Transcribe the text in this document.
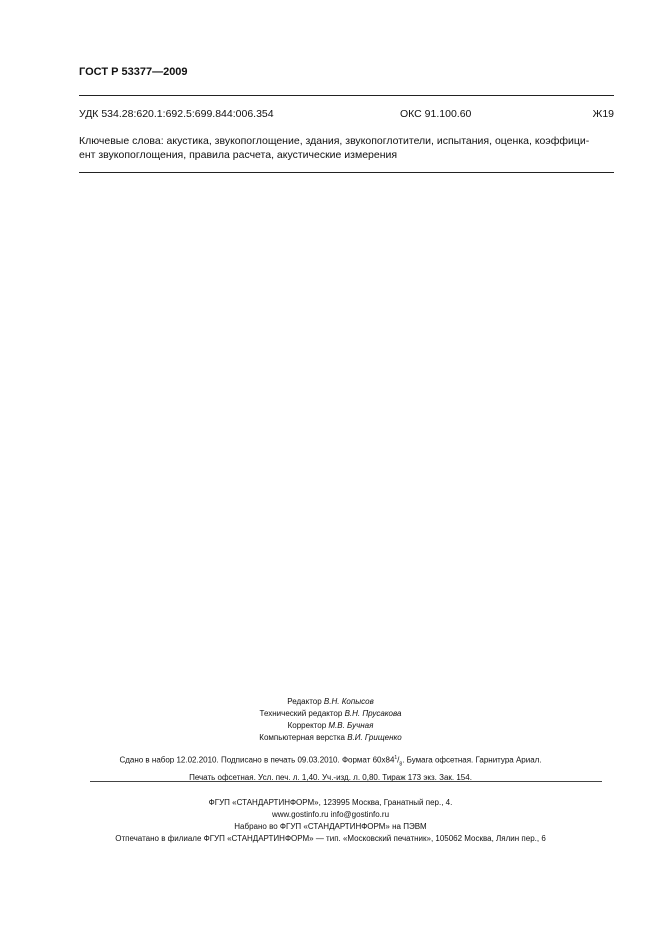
ГОСТ Р 53377—2009
УДК 534.28:620.1:692.5:699.844:006.354	ОКС 91.100.60	Ж19
Ключевые слова: акустика, звукопоглощение, здания, звукопоглотители, испытания, оценка, коэффици-
ент звукопоглощения, правила расчета, акустические измерения
Редактор В.Н. Копысов
Технический редактор В.Н. Прусакова
Корректор М.В. Бучная
Компьютерная верстка В.И. Грищенко
Сдано в набор 12.02.2010. Подписано в печать 09.03.2010. Формат $60x84^1/_8$. Бумага офсетная. Гарнитура Ариал.
Печать офсетная. Усл. печ. л. 1,40. Уч.-изд. л. 0,80. Тираж 173 экз. Зак. 154.
ФГУП «СТАНДАРТИНФОРМ», 123995 Москва, Гранатный пер., 4.
www.gostinfo.ru info@gostinfo.ru
Набрано во ФГУП «СТАНДАРТИНФОРМ» на ПЭВМ
Отпечатано в филиале ФГУП «СТАНДАРТИНФОРМ» — тип. «Московский печатник», 105062 Москва, Лялин пер., 6
